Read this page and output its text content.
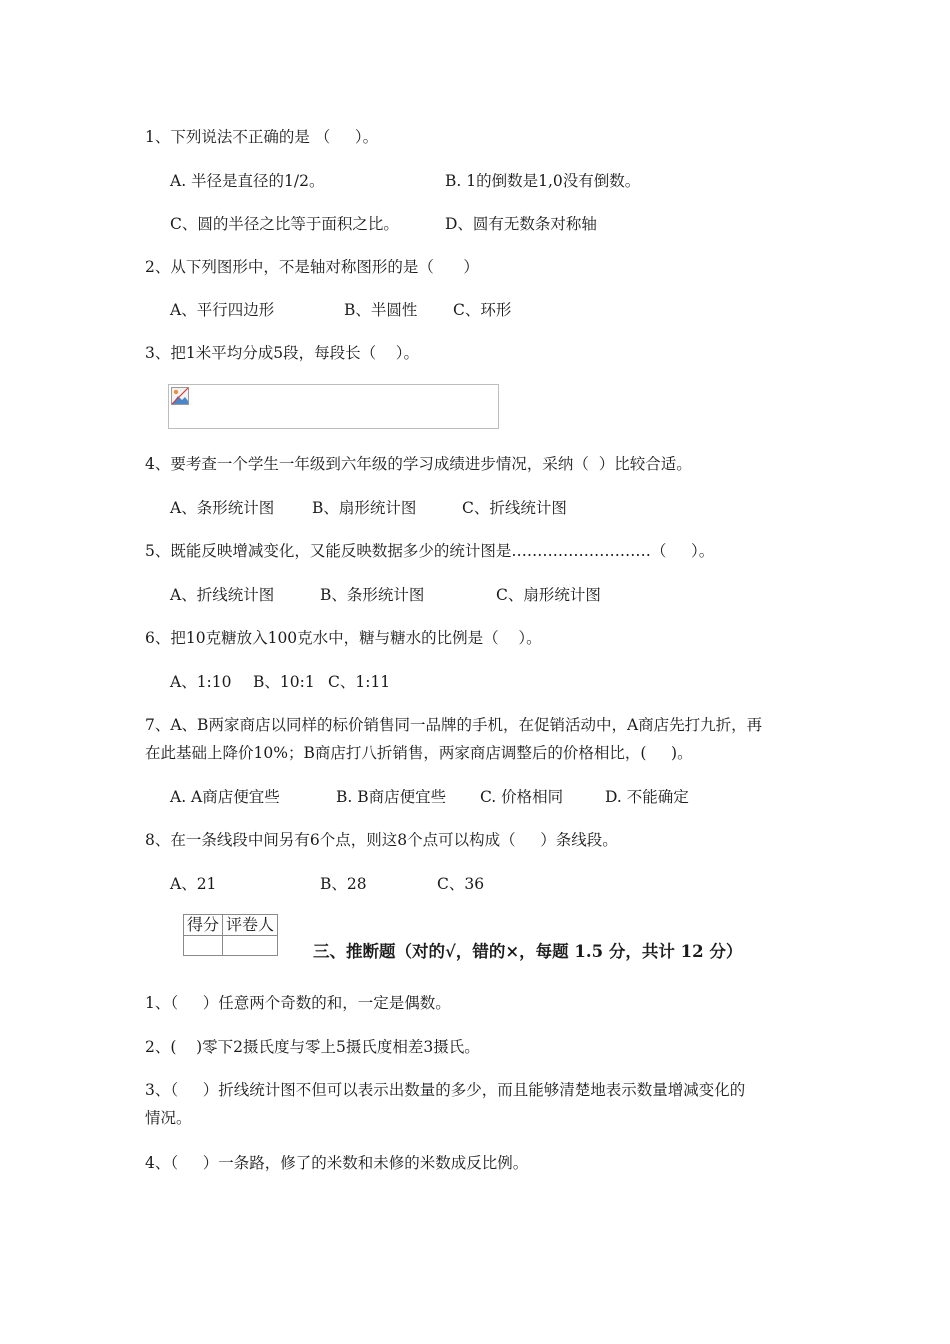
1、下列说法不正确的是 （     ）。
A. 半径是直径的1/2。	B. 1的倒数是1,0没有倒数。
C、圆的半径之比等于面积之比。	D、圆有无数条对称轴
2、从下列图形中，不是轴对称图形的是（      ）
A、平行四边形	B、半圆性 C、环形
3、把1米平均分成5段，每段长（    ）。
4、要考查一个学生一年级到六年级的学习成绩进步情况，采纳（  ）比较合适。
A、条形统计图 B、扇形统计图	C、折线统计图
5、既能反映增减变化，又能反映数据多少的统计图是………………………（     ）。
A、折线统计图	B、条形统计图	C、扇形统计图
6、把10克糖放入100克水中，糖与糖水的比例是（    ）。
A、1:10 B、10:1 C、1:11
7、A、B两家商店以同样的标价销售同一品牌的手机，在促销活动中，A商店先打九折，再
在此基础上降价10%；B商店打八折销售，两家商店调整后的价格相比，(     )。
A. A商店便宜些	B. B商店便宜些 C. 价格相同	D. 不能确定
8、在一条线段中间另有6个点，则这8个点可以构成（     ）条线段。
A、21	B、28	C、36
得分	评卷人

三、推断题（对的√，错的×，每题 1.5 分，共计 12 分）
1、（     ）任意两个奇数的和，一定是偶数。
2、(    )零下2摄氏度与零上5摄氏度相差3摄氏。
3、（     ）折线统计图不但可以表示出数量的多少，而且能够清楚地表示数量增减变化的
情况。
4、（     ）一条路，修了的米数和未修的米数成反比例。
